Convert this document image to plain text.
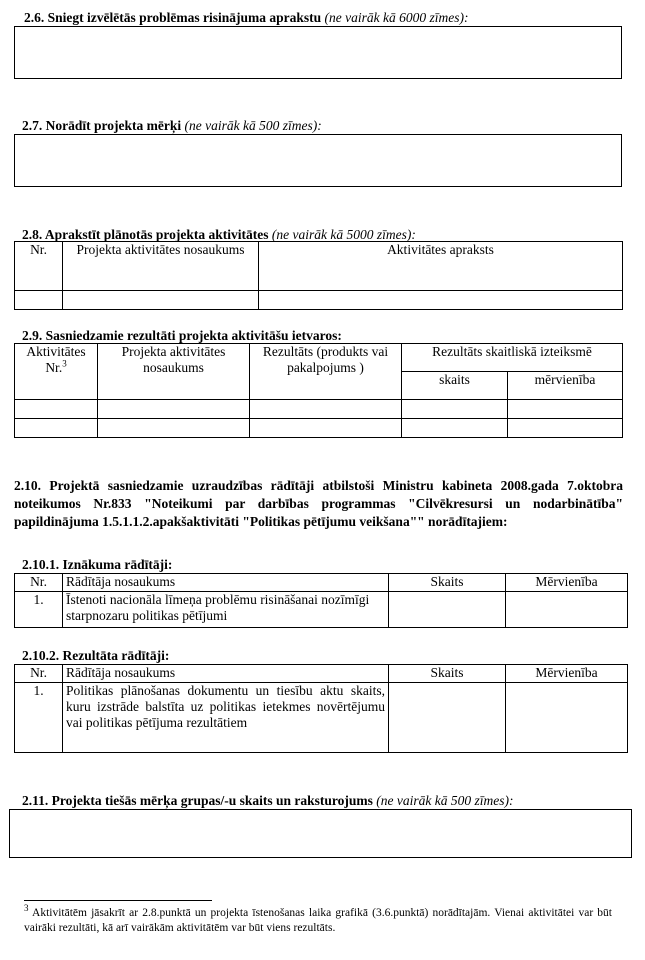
2.6. Sniegt izvēlētās problēmas risinājuma aprakstu (ne vairāk kā 6000 zīmes):
2.7. Norādīt projekta mērķi (ne vairāk kā 500 zīmes):
2.8. Aprakstīt plānotās projekta aktivitātes (ne vairāk kā 5000 zīmes):
Nr.	Projekta aktivitātes nosaukums	Aktivitātes apraksts

2.9. Sasniedzamie rezultāti projekta aktivitāšu ietvaros:
Aktivitātes Nr.$^3$	Projekta aktivitātes nosaukums	Rezultāts (produkts vai pakalpojums )	Rezultāts skaitliskā izteiksmē	
			skaits	mērvienība

2.10. Projektā sasniedzamie uzraudzības rādītāji atbilstoši Ministru kabineta 2008.gada 7.oktobra noteikumos Nr.833 "Noteikumi par darbības programmas "Cilvēkresursi un nodarbinātība" papildinājuma 1.5.1.1.2.apakšaktivitāti "Politikas pētījumu veikšana"" norādītajiem:
2.10.1. Iznākuma rādītāji:
Nr.	Rādītāja nosaukums	Skaits	Mērvienība
1.	Īstenoti nacionāla līmeņa problēmu risināšanai nozīmīgi starpnozaru politikas pētījumi		
2.10.2. Rezultāta rādītāji:
Nr.	Rādītāja nosaukums	Skaits	Mērvienība
1.	Politikas plānošanas dokumentu un tiesību aktu skaits, kuru izstrāde balstīta uz politikas ietekmes novērtējumu vai politikas pētījuma rezultātiem		
2.11. Projekta tiešās mērķa grupas/-u skaits un raksturojums (ne vairāk kā 500 zīmes):
$^3$ Aktivitātēm jāsakrīt ar 2.8.punktā un projekta īstenošanas laika grafikā (3.6.punktā) norādītajām. Vienai aktivitātei var būt vairāki rezultāti, kā arī vairākām aktivitātēm var būt viens rezultāts.
